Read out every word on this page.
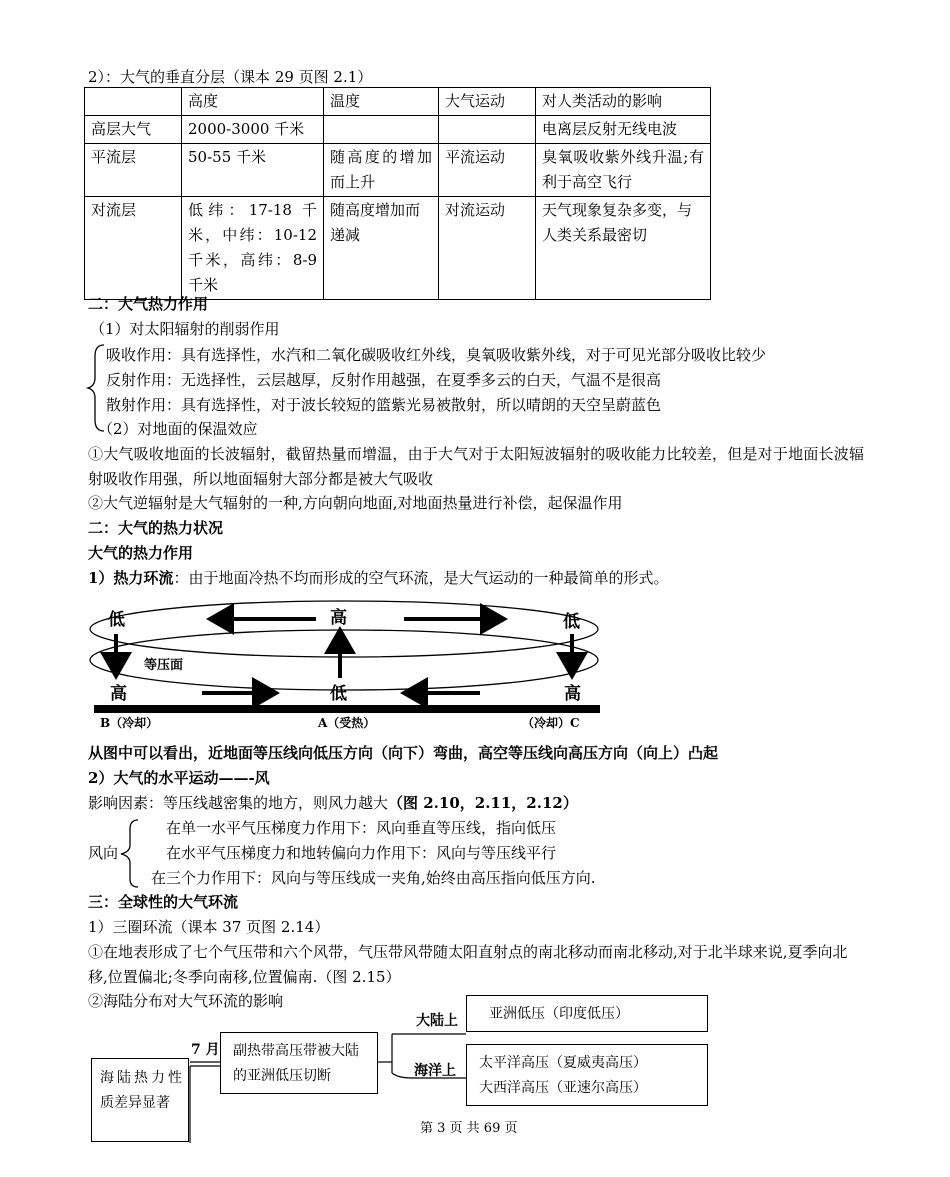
2）：大气的垂直分层（课本 29 页图 2.1）
	高度	温度	大气运动	对人类活动的影响
高层大气	2000-3000 千米			电离层反射无线电波
平流层	50-55 千米	随高度的增加而上升	平流运动	臭氧吸收紫外线升温;有利于高空飞行
对流层	低纬：17-18 千米，中纬：10-12 千米，高纬：8-9 千米	随高度增加而递减	对流运动	天气现象复杂多变，与人类关系最密切
二：大气热力作用
（1）对太阳辐射的削弱作用
吸收作用：具有选择性，水汽和二氧化碳吸收红外线，臭氧吸收紫外线，对于可见光部分吸收比较少
反射作用：无选择性，云层越厚，反射作用越强，在夏季多云的白天，气温不是很高
散射作用：具有选择性，对于波长较短的篮紫光易被散射，所以晴朗的天空呈蔚蓝色
（2）对地面的保温效应
①大气吸收地面的长波辐射，截留热量而增温，由于大气对于太阳短波辐射的吸收能力比较差，但是对于地面长波辐射吸收作用强，所以地面辐射大部分都是被大气吸收
②大气逆辐射是大气辐射的一种,方向朝向地面,对地面热量进行补偿，起保温作用
二：大气的热力状况
大气的热力作用
1）热力环流：由于地面冷热不均而形成的空气环流，是大气运动的一种最简单的形式。
低	高	低
等压面
高	低	高
B（冷却）	A（受热）	（冷却）C
从图中可以看出，近地面等压线向低压方向（向下）弯曲，高空等压线向高压方向（向上）凸起
2）大气的水平运动——-风
影响因素：等压线越密集的地方，则风力越大（图 2.10，2.11，2.12）
风向
在单一水平气压梯度力作用下：风向垂直等压线，指向低压
在水平气压梯度力和地转偏向力作用下：风向与等压线平行
在三个力作用下：风向与等压线成一夹角,始终由高压指向低压方向.
三：全球性的大气环流
1）三圈环流（课本 37 页图 2.14）
①在地表形成了七个气压带和六个风带，气压带风带随太阳直射点的南北移动而南北移动,对于北半球来说,夏季向北移,位置偏北;冬季向南移,位置偏南.（图 2.15）
②海陆分布对大气环流的影响
海陆热力性质差异显著
7 月 副热带高压带被大陆的亚洲低压切断
大陆上	亚洲低压（印度低压）
海洋上 太平洋高压（夏威夷高压）
大西洋高压（亚速尔高压）
第 3 页 共 69 页
